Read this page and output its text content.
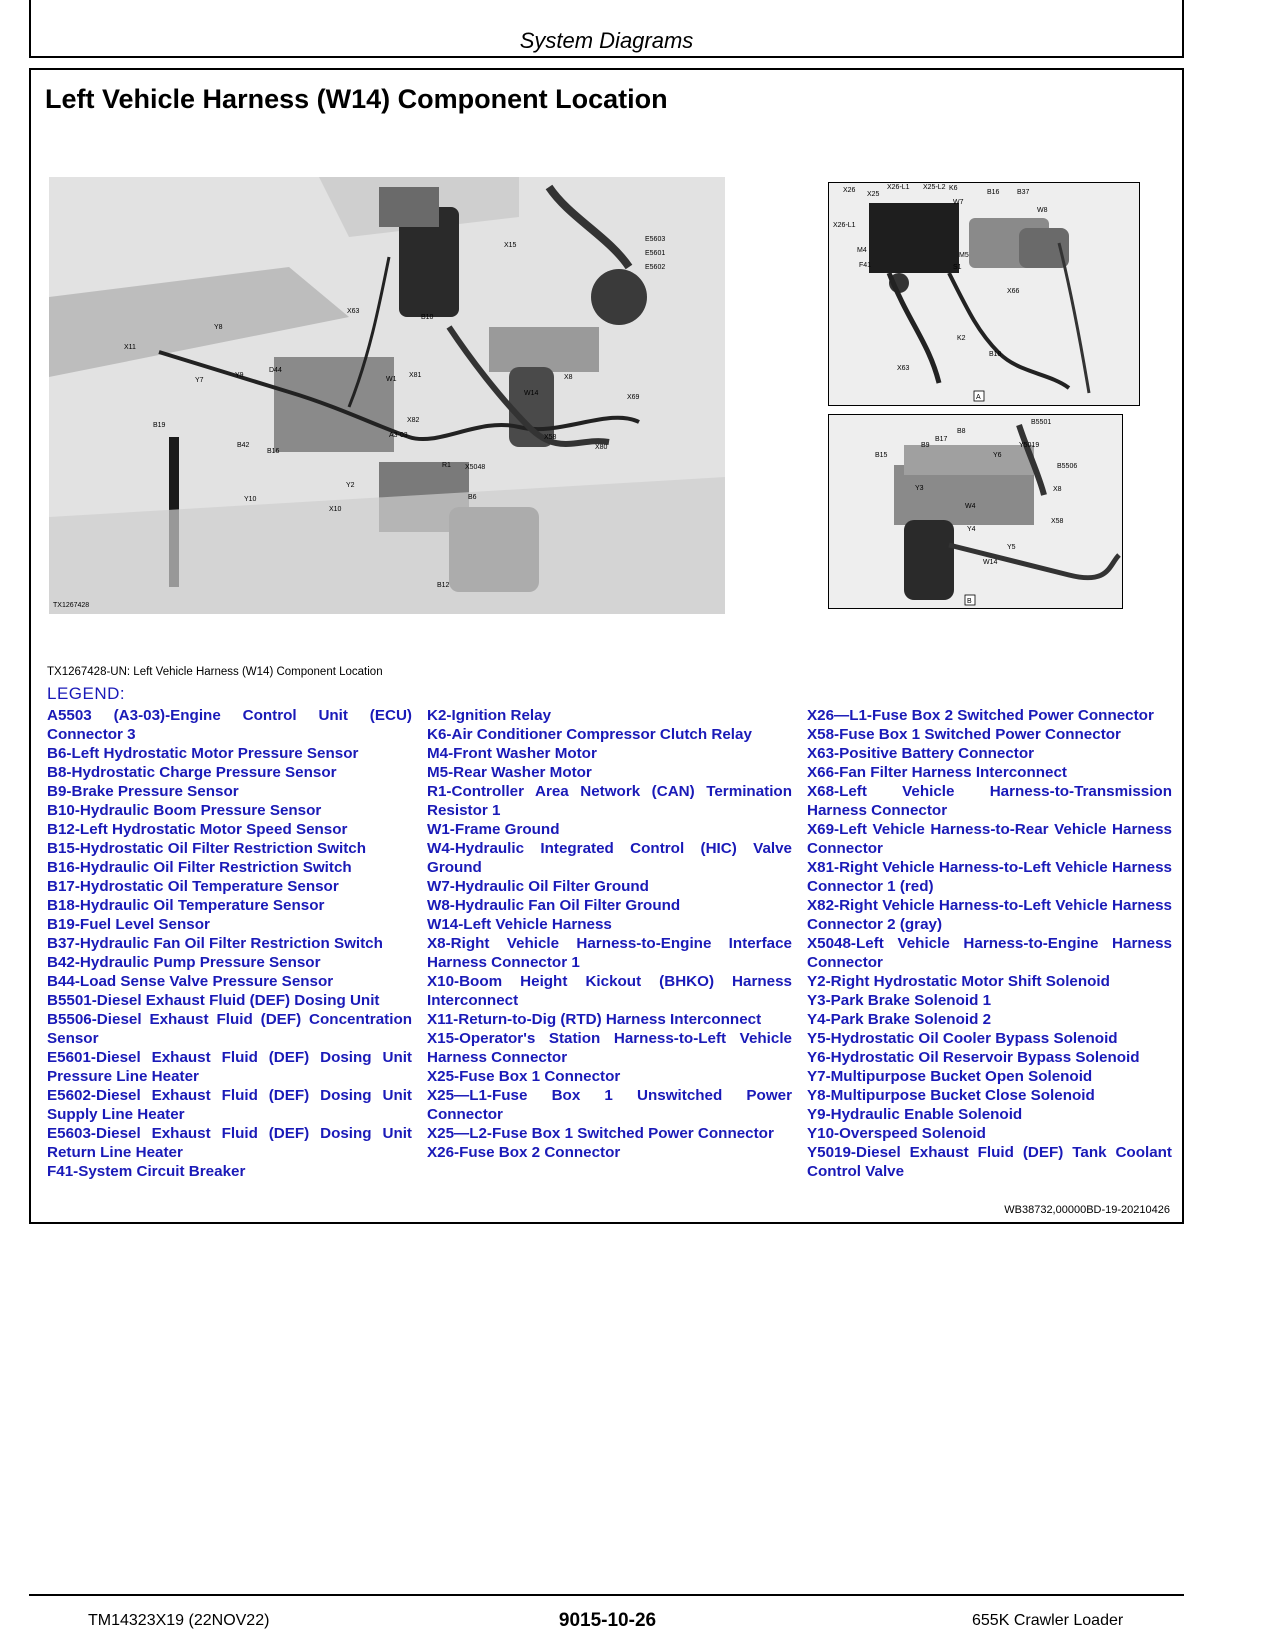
System Diagrams
Left Vehicle Harness (W14) Component Location
X15
E5603
E5601
E5602
X63
B10
Y8
X11
D44
X81
W1
Y7
Y9
W14
X8
X69
B19
X82
A3-03
B42
B16
X58
X80
Y2
R1 X5048
X10
Y10	B6
B12
TX1267428
X26
X25
X26-L1 X25-L2 K6
B16	B37
W8
W7
X26-L1
M4
M5
S1
F41
X66
K2
B18
X63
A
B5501
B8
B17
B9
Y6
Y5019
B5506
B15
Y3	X8
W4
X58
Y4
Y5
W14
B
TX1267428-UN: Left Vehicle Harness (W14) Component Location
LEGEND:
A5503 (A3-03)-Engine Control Unit (ECU) Connector 3
B6-Left Hydrostatic Motor Pressure Sensor
B8-Hydrostatic Charge Pressure Sensor
B9-Brake Pressure Sensor
B10-Hydraulic Boom Pressure Sensor
B12-Left Hydrostatic Motor Speed Sensor
B15-Hydrostatic Oil Filter Restriction Switch
B16-Hydraulic Oil Filter Restriction Switch
B17-Hydrostatic Oil Temperature Sensor
B18-Hydraulic Oil Temperature Sensor
B19-Fuel Level Sensor
B37-Hydraulic Fan Oil Filter Restriction Switch
B42-Hydraulic Pump Pressure Sensor
B44-Load Sense Valve Pressure Sensor
B5501-Diesel Exhaust Fluid (DEF) Dosing Unit
B5506-Diesel Exhaust Fluid (DEF) Concentration Sensor
E5601-Diesel Exhaust Fluid (DEF) Dosing Unit Pressure Line Heater
E5602-Diesel Exhaust Fluid (DEF) Dosing Unit Supply Line Heater
E5603-Diesel Exhaust Fluid (DEF) Dosing Unit Return Line Heater
F41-System Circuit Breaker
K2-Ignition Relay
K6-Air Conditioner Compressor Clutch Relay
M4-Front Washer Motor
M5-Rear Washer Motor
R1-Controller Area Network (CAN) Termination Resistor 1
W1-Frame Ground
W4-Hydraulic Integrated Control (HIC) Valve Ground
W7-Hydraulic Oil Filter Ground
W8-Hydraulic Fan Oil Filter Ground
W14-Left Vehicle Harness
X8-Right Vehicle Harness-to-Engine Interface Harness Connector 1
X10-Boom Height Kickout (BHKO) Harness Interconnect
X11-Return-to-Dig (RTD) Harness Interconnect
X15-Operator's Station Harness-to-Left Vehicle Harness Connector
X25-Fuse Box 1 Connector
X25—L1-Fuse Box 1 Unswitched Power Connector
X25—L2-Fuse Box 1 Switched Power Connector
X26-Fuse Box 2 Connector
X26—L1-Fuse Box 2 Switched Power Connector
X58-Fuse Box 1 Switched Power Connector
X63-Positive Battery Connector
X66-Fan Filter Harness Interconnect
X68-Left Vehicle Harness-to-Transmission Harness Connector
X69-Left Vehicle Harness-to-Rear Vehicle Harness Connector
X81-Right Vehicle Harness-to-Left Vehicle Harness Connector 1 (red)
X82-Right Vehicle Harness-to-Left Vehicle Harness Connector 2 (gray)
X5048-Left Vehicle Harness-to-Engine Harness Connector
Y2-Right Hydrostatic Motor Shift Solenoid
Y3-Park Brake Solenoid 1
Y4-Park Brake Solenoid 2
Y5-Hydrostatic Oil Cooler Bypass Solenoid
Y6-Hydrostatic Oil Reservoir Bypass Solenoid
Y7-Multipurpose Bucket Open Solenoid
Y8-Multipurpose Bucket Close Solenoid
Y9-Hydraulic Enable Solenoid
Y10-Overspeed Solenoid
Y5019-Diesel Exhaust Fluid (DEF) Tank Coolant Control Valve
WB38732,00000BD-19-20210426
TM14323X19 (22NOV22)	9015-10-26	655K Crawler Loader
